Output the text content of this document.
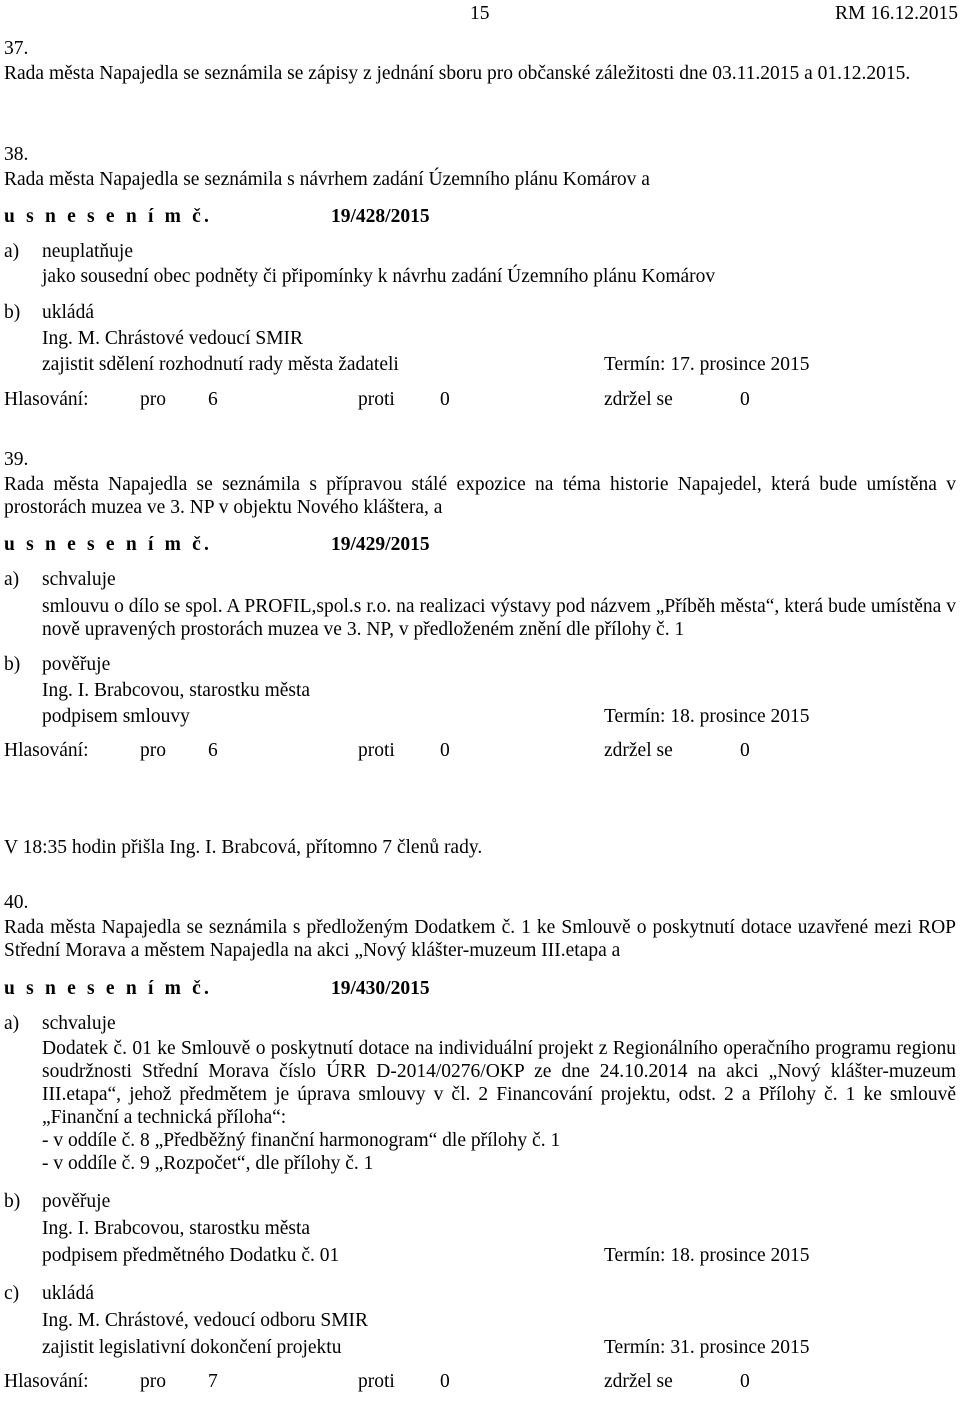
15	RM 16.12.2015

37.

Rada města Napajedla se seznámila se zápisy z jednání sboru pro občanské záležitosti dne 03.11.2015 a 01.12.2015.

38.

Rada města Napajedla se seznámila s návrhem zadání Územního plánu Komárov a

u s n e s e n í m č.	19/428/2015

a) neuplatňuje

jako sousední obec podněty či připomínky k návrhu zadání Územního plánu Komárov

b) ukládá

Ing. M. Chrástové vedoucí SMIR

zajistit sdělení rozhodnutí rady města žadateli	Termín: 17. prosince 2015
Hlasování:	pro 6	proti 0	zdržel se	0

39.

Rada města Napajedla se seznámila s přípravou stálé expozice na téma historie Napajedel, která bude umístěna v prostorách muzea ve 3. NP v objektu Nového kláštera, a

u s n e s e n í m č.	19/429/2015

a) schvaluje

smlouvu o dílo se spol. A PROFIL,spol.s r.o. na realizaci výstavy pod názvem „Příběh města“, která bude umístěna v nově upravených prostorách muzea ve 3. NP, v předloženém znění dle přílohy č. 1

b) pověřuje

Ing. I. Brabcovou, starostku města

podpisem smlouvy	Termín: 18. prosince 2015
Hlasování:	pro 6	proti 0	zdržel se	0

V 18:35 hodin přišla Ing. I. Brabcová, přítomno 7 členů rady.

40.

Rada města Napajedla se seznámila s předloženým Dodatkem č. 1 ke Smlouvě o poskytnutí dotace uzavřené mezi ROP Střední Morava a městem Napajedla na akci „Nový klášter-muzeum III.etapa a

u s n e s e n í m č.	19/430/2015

a) schvaluje

Dodatek č. 01 ke Smlouvě o poskytnutí dotace na individuální projekt z Regionálního operačního programu regionu soudržnosti Střední Morava číslo ÚRR D-2014/0276/OKP ze dne 24.10.2014 na akci „Nový klášter-muzeum III.etapa“, jehož předmětem je úprava smlouvy v čl. 2 Financování projektu, odst. 2 a Přílohy č. 1 ke smlouvě „Finanční a technická příloha“:

- v oddíle č. 8 „Předběžný finanční harmonogram“ dle přílohy č. 1

- v oddíle č. 9 „Rozpočet“, dle přílohy č. 1

b) pověřuje

Ing. I. Brabcovou, starostku města

podpisem předmětného Dodatku č. 01	Termín: 18. prosince 2015

c) ukládá

Ing. M. Chrástové, vedoucí odboru SMIR

zajistit legislativní dokončení projektu	Termín: 31. prosince 2015
Hlasování:	pro 7	proti 0	zdržel se	0
